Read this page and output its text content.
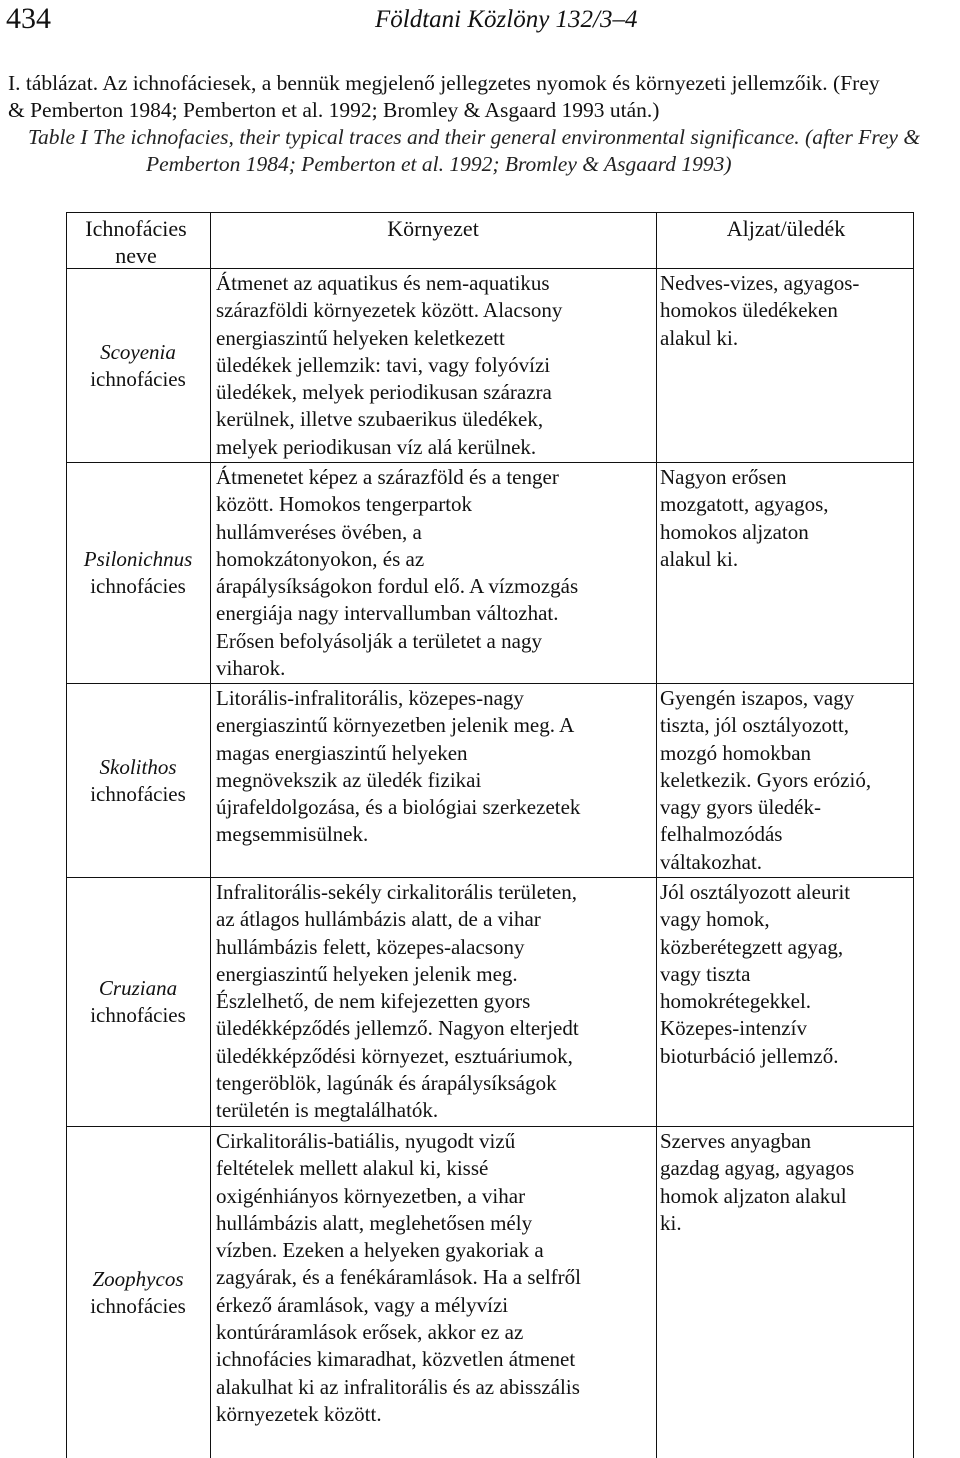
434	Földtani Közlöny 132/3–4
I. táblázat. Az ichnofáciesek, a bennük megjelenő jellegzetes nyomok és környezeti jellemzőik. (Frey
& Pemberton 1984; Pemberton et al. 1992; Bromley & Asgaard 1993 után.)
Table I The ichnofacies, their typical traces and their general environmental significance. (after Frey &
Pemberton 1984; Pemberton et al. 1992; Bromley & Asgaard 1993)
Ichnofácies
neve
Környezet	Aljzat/üledék
Scoyenia
ichnofácies
Átmenet az aquatikus és nem-aquatikus
szárazföldi környezetek között. Alacsony
energiaszintű helyeken keletkezett
üledékek jellemzik: tavi, vagy folyóvízi
üledékek, melyek periodikusan szárazra
kerülnek, illetve szubaerikus üledékek,
melyek periodikusan víz alá kerülnek.
Nedves-vizes, agyagos-
homokos üledékeken
alakul ki.
Psilonichnus
ichnofácies
Átmenetet képez a szárazföld és a tenger
között. Homokos tengerpartok
hullámveréses övében, a
homokzátonyokon, és az
árapálysíkságokon fordul elő. A vízmozgás
energiája nagy intervallumban változhat.
Erősen befolyásolják a területet a nagy
viharok.
Nagyon erősen
mozgatott, agyagos,
homokos aljzaton
alakul ki.
Skolithos
ichnofácies
Litorális-infralitorális, közepes-nagy
energiaszintű környezetben jelenik meg. A
magas energiaszintű helyeken
megnövekszik az üledék fizikai
újrafeldolgozása, és a biológiai szerkezetek
megsemmisülnek.
Gyengén iszapos, vagy
tiszta, jól osztályozott,
mozgó homokban
keletkezik. Gyors erózió,
vagy gyors üledék-
felhalmozódás
váltakozhat.
Cruziana
ichnofácies
Infralitorális-sekély cirkalitorális területen,
az átlagos hullámbázis alatt, de a vihar
hullámbázis felett, közepes-alacsony
energiaszintű helyeken jelenik meg.
Észlelhető, de nem kifejezetten gyors
üledékképződés jellemző. Nagyon elterjedt
üledékképződési környezet, esztuáriumok,
tengeröblök, lagúnák és árapálysíkságok
területén is megtalálhatók.
Jól osztályozott aleurit
vagy homok,
közberétegzett agyag,
vagy tiszta
homokrétegekkel.
Közepes-intenzív
bioturbáció jellemző.
Zoophycos
ichnofácies
Cirkalitorális-batiális, nyugodt vizű
feltételek mellett alakul ki, kissé
oxigénhiányos környezetben, a vihar
hullámbázis alatt, meglehetősen mély
vízben. Ezeken a helyeken gyakoriak a
zagyárak, és a fenékáramlások. Ha a selfről
érkező áramlások, vagy a mélyvízi
kontúráramlások erősek, akkor ez az
ichnofácies kimaradhat, közvetlen átmenet
alakulhat ki az infralitorális és az abisszális
környezetek között.
Szerves anyagban
gazdag agyag, agyagos
homok aljzaton alakul
ki.
